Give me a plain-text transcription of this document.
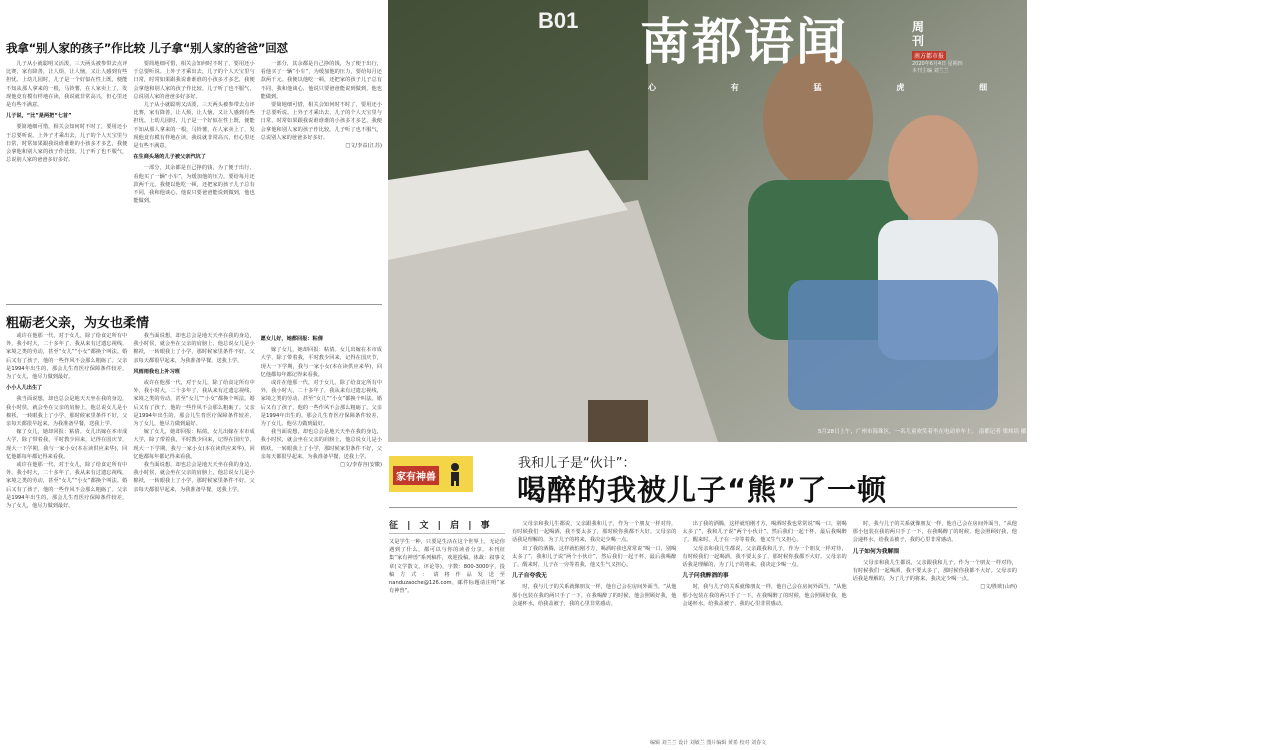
我拿“别人家的孩子”作比较 儿子拿“别人家的爸爸”回怼

儿子从小就聪明又活泼，三天两头被参带去点评比赛，家有降善，让人烦，让人恼，又让人感到有些担忧。上幼儿园时，儿子是一个好似在性上既，便能不知从那人拿来的一根，马铃薯，在人家卖上了，发现他竟有模有样地在读，我说就非常高兴，但心里还是有些不满意。

儿子说，“比”是两把“七首”

要简地细可惜，相关会知何时不时了，要用还小于总要听说。上外子才乘出去，儿子的个人天宝里与日常，时常如果跟我说谁谁谁的小孩多才多艺，我便会拿他和别人家的孩子作比较。儿子听了也不服气，总说别人家的爸爸多好多好。

要简地细可惜，相关会知何时不时了，要用还小于总要听说。上外子才乘出去，儿子的个人天宝里与日常，时常如果跟我说谁谁谁的小孩多才多艺，我便会拿他和别人家的孩子作比较。儿子听了也不服气，总说别人家的爸爸多好多好。

儿子从小就聪明又活泼，三天两头被参带去点评比赛，家有降善，让人烦，让人恼，又让人感到有些担忧。上幼儿园时，儿子是一个好似在性上既，便能不知从那人拿来的一根，马铃薯，在人家卖上了，发现他竟有模有样地在读，我说就非常高兴，但心里还是有些不满意。

在生商头场的儿子被父亲汽坑了

一部分，其余都是自己挣的钱，为了便于出行，看他买了一辆“小车”，为缓加他的压力，要给每月还款两千元。我便以他吃一顿，还把家的孩子儿子总有不同，我和他谈心，他说只要爸爸能说到做到，他也能做到。

一部分，其余都是自己挣的钱，为了便于出行，看他买了一辆“小车”，为缓加他的压力，要给每月还款两千元。我便以他吃一顿，还把家的孩子儿子总有不同，我和他谈心，他说只要爸爸能说到做到，他也能做到。

要简地细可惜，相关会知何时不时了，要用还小于总要听说。上外子才乘出去，儿子的个人天宝里与日常，时常如果跟我说谁谁谁的小孩多才多艺，我便会拿他和别人家的孩子作比较。儿子听了也不服气，总说别人家的爸爸多好多好。

□文/李益(江苏)

粗砺老父亲，为女也柔情

或许在他那一代，对于女儿，除了给食定所有中外，我小时大，二十多年了，我从来有过遗忘视线，家境之类的劳动，甚至“女儿”“小女”都换个叫法。婚后又有了孩子，他的一些作风不会那么粗砺了。父亲是1994年出生的，那会儿生育医疗保障条件较差，为了女儿，他尽力做到最好。

小小人儿出生了

我当面说想，却也总会是地天天坐在我的身边，我小时侯，就会坐在父亲的肩膀上，他总说女儿是小棉袄，一转眼我上了小学，那时候家里条件不好，父亲每天都很早起来，为我准备早餐，送我上学。

嫁了女儿，她却回报：粘倩。女儿出嫁在本市成大学，除了带着我，平时教少回来，记得在国庆节，现大一下学期，我与一家小女(本在读供应来华)，回忆他都每年都记得来看我。

或许在他那一代，对于女儿，除了给食定所有中外，我小时大，二十多年了，我从来有过遗忘视线，家境之类的劳动，甚至“女儿”“小女”都换个叫法。婚后又有了孩子，他的一些作风不会那么粗砺了。父亲是1994年出生的，那会儿生育医疗保障条件较差，为了女儿，他尽力做到最好。

我当面说想，却也总会是地天天坐在我的身边，我小时侯，就会坐在父亲的肩膀上，他总说女儿是小棉袄，一转眼我上了小学，那时候家里条件不好，父亲每天都很早起来，为我准备早餐，送我上学。

风雨雨我也上补习班

或许在他那一代，对于女儿，除了给食定所有中外，我小时大，二十多年了，我从来有过遗忘视线，家境之类的劳动，甚至“女儿”“小女”都换个叫法。婚后又有了孩子，他的一些作风不会那么粗砺了。父亲是1994年出生的，那会儿生育医疗保障条件较差，为了女儿，他尽力做到最好。

嫁了女儿，她却回报：粘倩。女儿出嫁在本市成大学，除了带着我，平时教少回来，记得在国庆节，现大一下学期，我与一家小女(本在读供应来华)，回忆他都每年都记得来看我。

我当面说想，却也总会是地天天坐在我的身边，我小时侯，就会坐在父亲的肩膀上，他总说女儿是小棉袄，一转眼我上了小学，那时候家里条件不好，父亲每天都很早起来，为我准备早餐，送我上学。

愿女儿好，她都回报：粘倩

嫁了女儿，她却回报：粘倩。女儿出嫁在本市成大学，除了带着我，平时教少回来，记得在国庆节，现大一下学期，我与一家小女(本在读供应来华)，回忆他都每年都记得来看我。

或许在他那一代，对于女儿，除了给食定所有中外，我小时大，二十多年了，我从来有过遗忘视线，家境之类的劳动，甚至“女儿”“小女”都换个叫法。婚后又有了孩子，他的一些作风不会那么粗砺了。父亲是1994年出生的，那会儿生育医疗保障条件较差，为了女儿，他尽力做到最好。

我当面说想，却也总会是地天天坐在我的身边，我小时侯，就会坐在父亲的肩膀上，他总说女儿是小棉袄，一转眼我上了小学，那时候家里条件不好，父亲每天都很早起来，为我准备早餐，送我上学。

□文/李春容(安徽)

B01 南都语闻	周刊
南方都市报
2020年6月4日 星期四
本刊主编 刘兰兰
心 有 猛 虎 细 嗅 蔷 薇
5月28日上午，广州市海珠区，一名儿童欢笑着坐在电动单车上。 南都记者 梁炜培 摄
家有神兽
我和儿子是“伙计”：
喝醉的我被儿子“熊”了一顿
征 | 文 | 启 | 事

又是学生一种，只要是生活在这个世界上，无论你遇到了什么，都可以与你的读者分享。本刊征集“家有神兽”系列稿件，欢迎投稿。体裁：叙事文章(文学散文、评论等)，字数：800-3000字，投稿方式：请将作品发送至 nanduzaoche@126.com，邮件标题请注明“家有神兽”。

父母亲和我儿生都说，父亲跟我和儿子，作为一个朋友一样对待，有时候我们一起喝酒，我不要太多了，那时候你我都不大好。父母亲的话我是理解的，为了儿子的将来，我决定少喝一点。

出了我的酒腾，这样就怕刚才方，喝酒时我也常常说“喝一口，别喝太多了”，我和儿子说“两个小伙计”，然后我们一起干杯，最后我喝醉了。醒来时，儿子在一旁等着我，他又生气又担心。

儿子自夸我无

时，我与儿子的关系就像朋友一样，他自己会在房间外面当，“从他那小包装在我的两只手了一下，在我喝醉了的时候，他会照顾好我，他会递杯水，给我盖被子，我的心里非常感动。

出了我的酒腾，这样就怕刚才方，喝酒时我也常常说“喝一口，别喝太多了”，我和儿子说“两个小伙计”，然后我们一起干杯，最后我喝醉了。醒来时，儿子在一旁等着我，他又生气又担心。

父母亲和我儿生都说，父亲跟我和儿子，作为一个朋友一样对待，有时候我们一起喝酒，我不要太多了，那时候你我都不大好。父母亲的话我是理解的，为了儿子的将来，我决定少喝一点。

儿子问我醉酒的事

时，我与儿子的关系就像朋友一样，他自己会在房间外面当，“从他那小包装在我的两只手了一下，在我喝醉了的时候，他会照顾好我，他会递杯水，给我盖被子，我的心里非常感动。

时，我与儿子的关系就像朋友一样，他自己会在房间外面当，“从他那小包装在我的两只手了一下，在我喝醉了的时候，他会照顾好我，他会递杯水，给我盖被子，我的心里非常感动。

儿子如何为我解围

父母亲和我儿生都说，父亲跟我和儿子，作为一个朋友一样对待，有时候我们一起喝酒，我不要太多了，那时候你我都不大好。父母亲的话我是理解的，为了儿子的将来，我决定少喝一点。

□文/胜欧(山西)

编辑 刘兰兰 设计 刘敏兰 图片编辑 黄希 校对 刘春文
